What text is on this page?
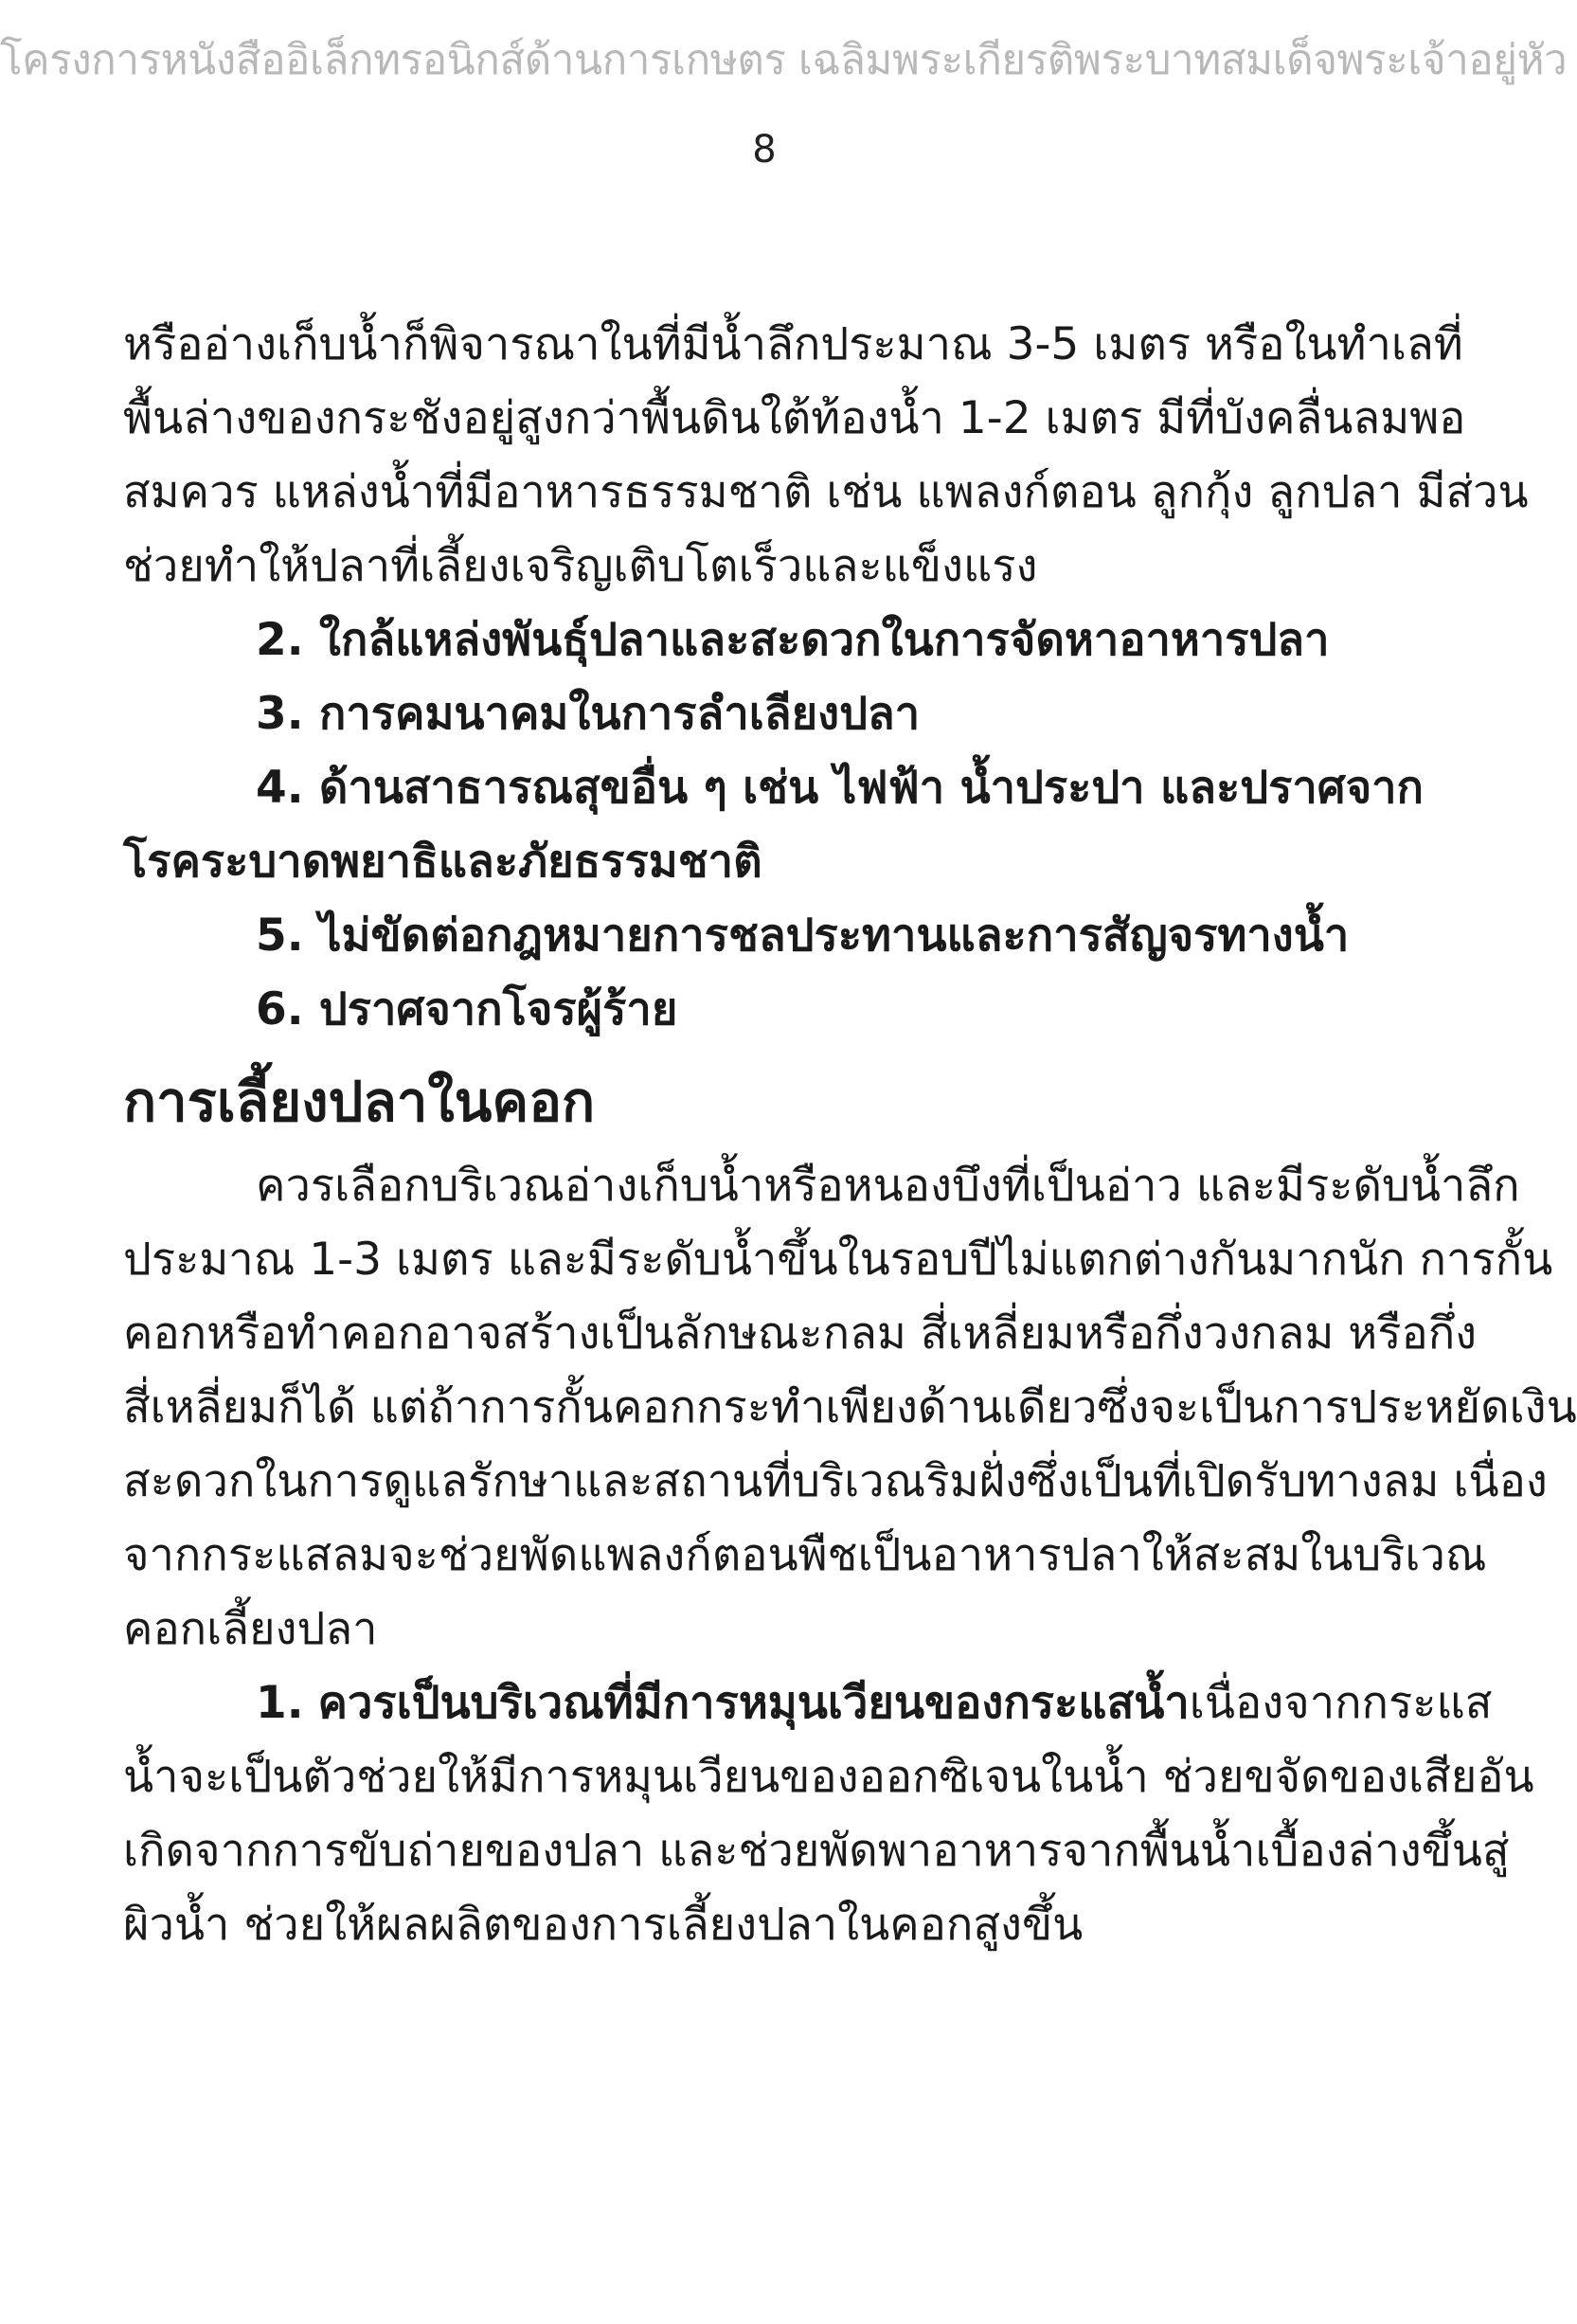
โครงการหนังสืออิเล็กทรอนิกส์ด้านการเกษตร เฉลิมพระเกียรติพระบาทสมเด็จพระเจ้าอยู่หัว
8
หรืออ่างเก็บน้ำก็พิจารณาในที่มีน้ำลึกประมาณ 3-5 เมตร หรือในทำเลที่
พื้นล่างของกระชังอยู่สูงกว่าพื้นดินใต้ท้องน้ำ 1-2 เมตร มีที่บังคลื่นลมพอ
สมควร แหล่งน้ำที่มีอาหารธรรมชาติ เช่น แพลงก์ตอน ลูกกุ้ง ลูกปลา มีส่วน
ช่วยทำให้ปลาที่เลี้ยงเจริญเติบโตเร็วและแข็งแรง
2. ใกล้แหล่งพันธุ์ปลาและสะดวกในการจัดหาอาหารปลา
3. การคมนาคมในการลำเลียงปลา
4. ด้านสาธารณสุขอื่น ๆ เช่น ไฟฟ้า น้ำประปา และปราศจาก
โรคระบาดพยาธิและภัยธรรมชาติ
5. ไม่ขัดต่อกฎหมายการชลประทานและการสัญจรทางน้ำ
6. ปราศจากโจรผู้ร้าย
การเลี้ยงปลาในคอก
ควรเลือกบริเวณอ่างเก็บน้ำหรือหนองบึงที่เป็นอ่าว และมีระดับน้ำลึก
ประมาณ 1-3 เมตร และมีระดับน้ำขึ้นในรอบปีไม่แตกต่างกันมากนัก การกั้น
คอกหรือทำคอกอาจสร้างเป็นลักษณะกลม สี่เหลี่ยมหรือกึ่งวงกลม หรือกึ่ง
สี่เหลี่ยมก็ได้ แต่ถ้าการกั้นคอกกระทำเพียงด้านเดียวซึ่งจะเป็นการประหยัดเงิน
สะดวกในการดูแลรักษาและสถานที่บริเวณริมฝั่งซึ่งเป็นที่เปิดรับทางลม เนื่อง
จากกระแสลมจะช่วยพัดแพลงก์ตอนพืชเป็นอาหารปลาให้สะสมในบริเวณ
คอกเลี้ยงปลา
1. ควรเป็นบริเวณที่มีการหมุนเวียนของกระแสน้ำ เนื่องจากกระแส
น้ำจะเป็นตัวช่วยให้มีการหมุนเวียนของออกซิเจนในน้ำ ช่วยขจัดของเสียอัน
เกิดจากการขับถ่ายของปลา และช่วยพัดพาอาหารจากพื้นน้ำเบื้องล่างขึ้นสู่
ผิวน้ำ ช่วยให้ผลผลิตของการเลี้ยงปลาในคอกสูงขึ้น
